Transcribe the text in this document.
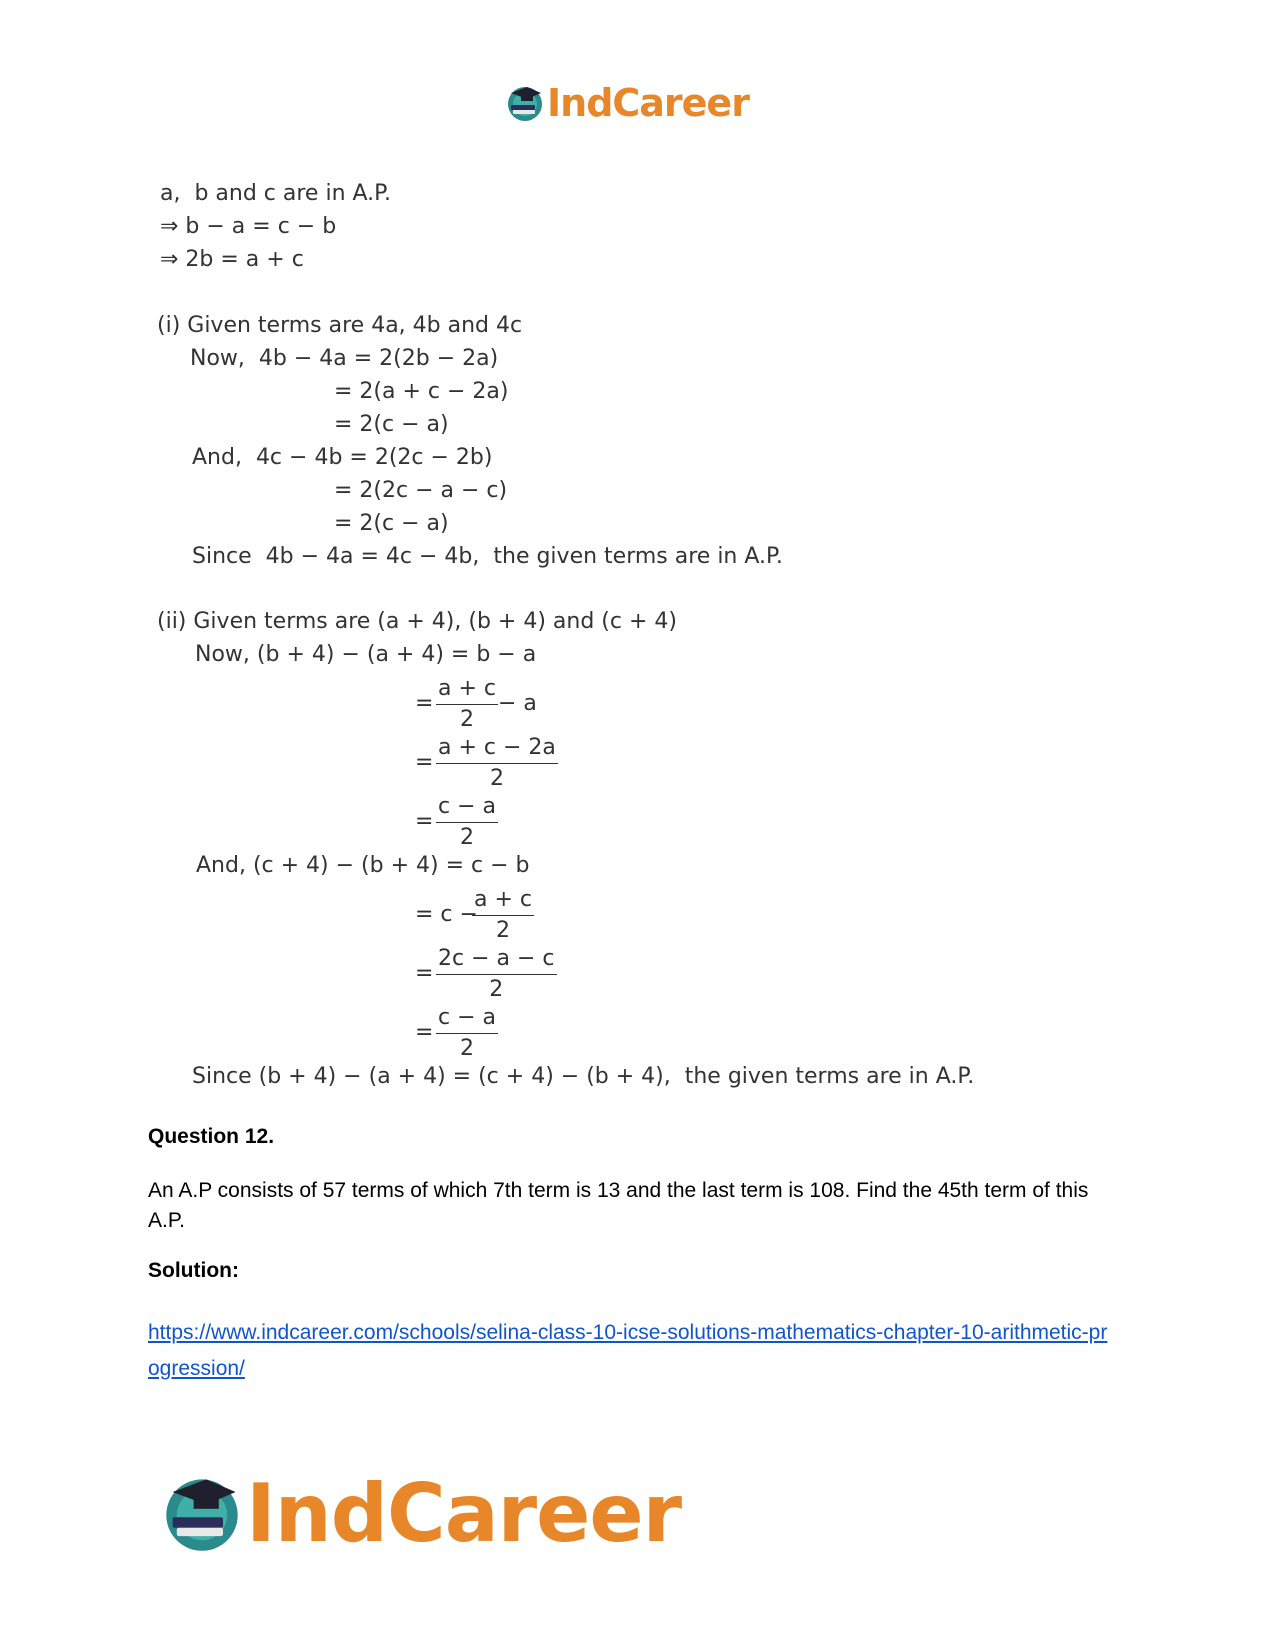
IndCareer
a,  b and c are in A.P.
⇒ b − a = c − b
⇒ 2b = a + c
(i) Given terms are 4a, 4b and 4c
Now,  4b − 4a = 2(2b − 2a)
= 2(a + c − 2a)
= 2(c − a)
And,  4c − 4b = 2(2c − 2b)
= 2(2c − a − c)
= 2(c − a)
Since  4b − 4a = 4c − 4b,  the given terms are in A.P.
(ii) Given terms are (a + 4), (b + 4) and (c + 4)
Now, (b + 4) − (a + 4) = b − a
= $\frac{a + c}{2} - a$
= $\frac{a + c - 2a}{2}$
= $\frac{c - a}{2}$
And, (c + 4) − (b + 4) = c − b
= c −
$\frac{a + c}{2}$
= $\frac{2c - a - c}{2}$
= $\frac{c - a}{2}$
Since (b + 4) − (a + 4) = (c + 4) − (b + 4),  the given terms are in A.P.
Question 12.
An A.P consists of 57 terms of which 7th term is 13 and the last term is 108. Find the 45th term of this A.P.
Solution:
https://www.indcareer.com/schools/selina-class-10-icse-solutions-mathematics-chapter-10-arithmetic-progression/
IndCareer
